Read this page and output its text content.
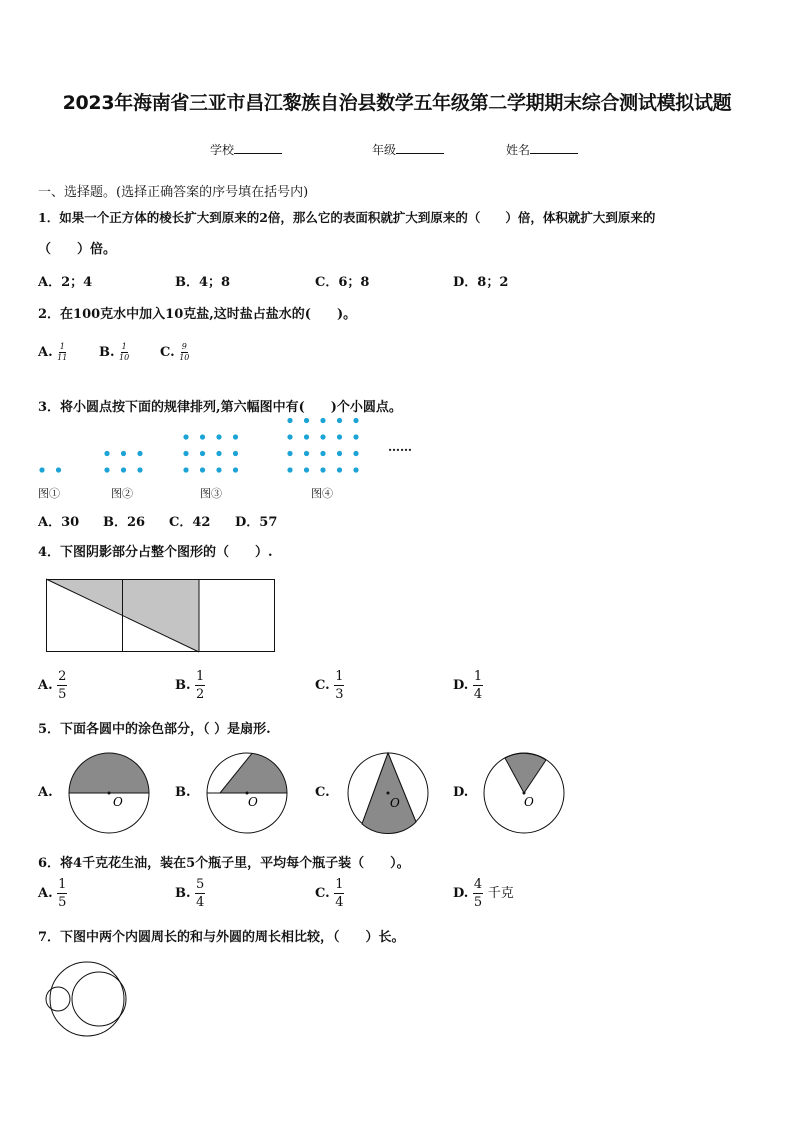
2023年海南省三亚市昌江黎族自治县数学五年级第二学期期末综合测试模拟试题
学校	年级	姓名
一、选择题。(选择正确答案的序号填在括号内)
1．如果一个正方体的棱长扩大到原来的2倍，那么它的表面积就扩大到原来的（　　）倍，体积就扩大到原来的
（　　）倍。
A．2；4	B．4；8	C．6；8	D．8；2
2．在100克水中加入10克盐,这时盐占盐水的(　　)。
A. $\frac{1}{11} B$. $\frac{1}{10} C$. $\frac{9}{10}$
3．将小圆点按下面的规律排列,第六幅图中有(　　)个小圆点。
……
图①	图②	图③	图④
A．30 B．26 C．42 D．57
4．下图阴影部分占整个图形的（　　）.
A. $\frac{2}{5}$	B. $\frac{1}{2}$	C. $\frac{1}{3}$	D. $\frac{1}{4}$
5．下面各圆中的涂色部分，（ ）是扇形.
A.
O
B.
O
C.
O
D.
O
6．将4千克花生油，装在5个瓶子里，平均每个瓶子装（　　）。
A. $\frac{1}{5}$	B. $\frac{5}{4}$	C. $\frac{1}{4}$	D. $\frac{4}{5}$ 千克
7．下图中两个内圆周长的和与外圆的周长相比较，（　　）长。
